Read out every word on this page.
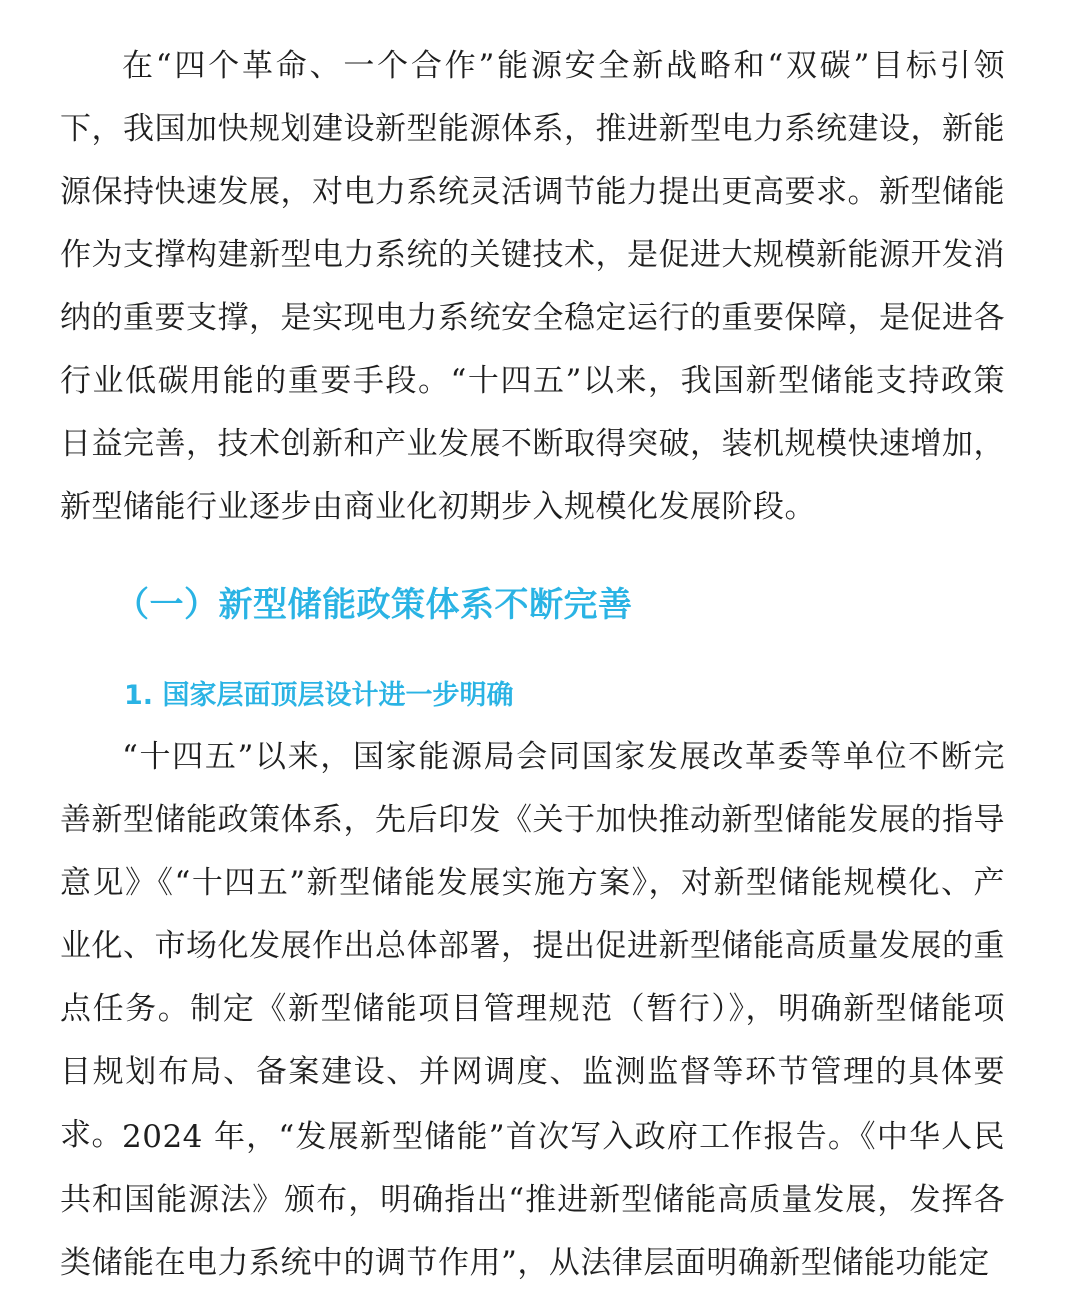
在“四个革命、一个合作”能源安全新战略和“双碳”目标引领下，我国加快规划建设新型能源体系，推进新型电力系统建设，新能源保持快速发展，对电力系统灵活调节能力提出更高要求。新型储能作为支撑构建新型电力系统的关键技术，是促进大规模新能源开发消纳的重要支撑，是实现电力系统安全稳定运行的重要保障，是促进各行业低碳用能的重要手段。“十四五”以来，我国新型储能支持政策日益完善，技术创新和产业发展不断取得突破，装机规模快速增加，新型储能行业逐步由商业化初期步入规模化发展阶段。

（一）新型储能政策体系不断完善
1. 国家层面顶层设计进一步明确

“十四五”以来，国家能源局会同国家发展改革委等单位不断完善新型储能政策体系，先后印发《关于加快推动新型储能发展的指导意见》《“十四五”新型储能发展实施方案》，对新型储能规模化、产业化、市场化发展作出总体部署，提出促进新型储能高质量发展的重点任务。制定《新型储能项目管理规范（暂行）》，明确新型储能项目规划布局、备案建设、并网调度、监测监督等环节管理的具体要求。 2024 年，“发展新型储能”首次写入政府工作报告。《中华人民共和国能源法》颁布，明确指出“推进新型储能高质量发展，发挥各类储能在电力系统中的调节作用”，从法律层面明确新型储能功能定
